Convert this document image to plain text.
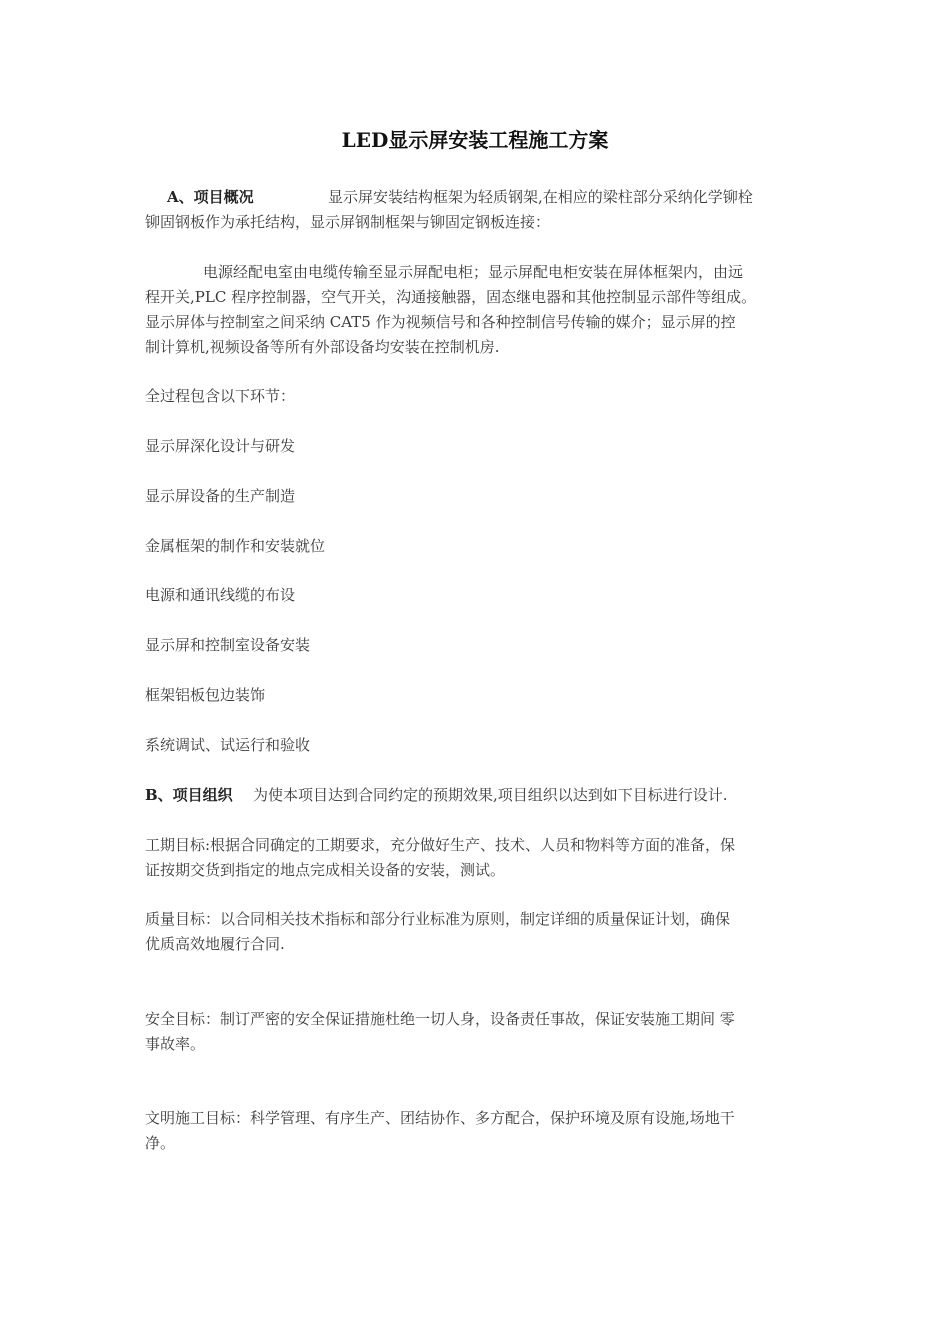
LED显示屏安装工程施工方案
A、项目概况	显示屏安装结构框架为轻质钢架,在相应的梁柱部分采纳化学铆栓
铆固钢板作为承托结构，显示屏钢制框架与铆固定钢板连接：
电源经配电室由电缆传输至显示屏配电柜；显示屏配电柜安装在屏体框架内，由远
程开关,PLC 程序控制器，空气开关，沟通接触器，固态继电器和其他控制显示部件等组成。
显示屏体与控制室之间采纳 CAT5 作为视频信号和各种控制信号传输的媒介；显示屏的控
制计算机,视频设备等所有外部设备均安装在控制机房.
全过程包含以下环节：
显示屏深化设计与研发
显示屏设备的生产制造
金属框架的制作和安装就位
电源和通讯线缆的布设
显示屏和控制室设备安装
框架铝板包边装饰
系统调试、试运行和验收
B、项目组织 为使本项目达到合同约定的预期效果,项目组织以达到如下目标进行设计.
工期目标:根据合同确定的工期要求，充分做好生产、技术、人员和物料等方面的准备，保
证按期交货到指定的地点完成相关设备的安装，测试。
质量目标：以合同相关技术指标和部分行业标准为原则，制定详细的质量保证计划，确保
优质高效地履行合同.
安全目标：制订严密的安全保证措施杜绝一切人身，设备责任事故，保证安装施工期间 零
事故率。
文明施工目标：科学管理、有序生产、团结协作、多方配合，保护环境及原有设施,场地干
净。
